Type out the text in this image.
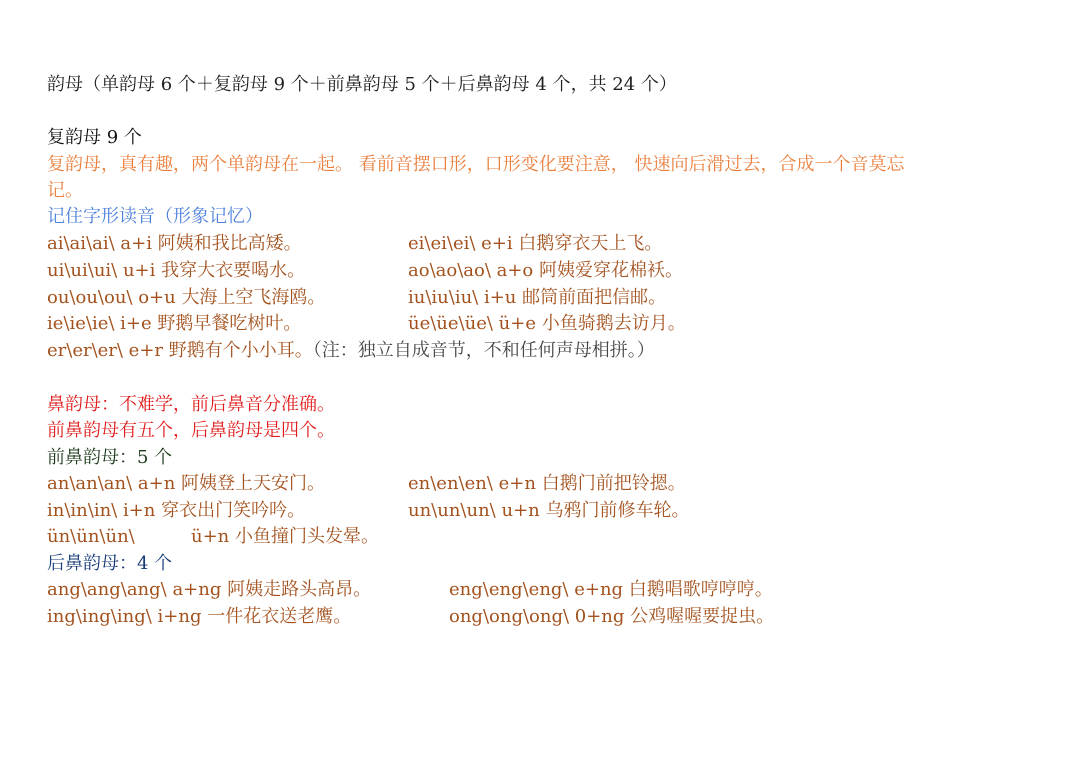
韵母（单韵母 6 个＋复韵母 9 个＋前鼻韵母 5 个＋后鼻韵母 4 个，共 24 个）
复韵母 9 个
复韵母，真有趣，两个单韵母在一起。 看前音摆口形，口形变化要注意， 快速向后滑过去，合成一个音莫忘
记。
记住字形读音（形象记忆）
ai\ai\ai\ a+i 阿姨和我比高矮。	ei\ei\ei\ e+i 白鹅穿衣天上飞。
ui\ui\ui\ u+i 我穿大衣要喝水。	ao\ao\ao\ a+o 阿姨爱穿花棉袄。
ou\ou\ou\ o+u 大海上空飞海鸥。	iu\iu\iu\ i+u 邮筒前面把信邮。
ie\ie\ie\ i+e 野鹅早餐吃树叶。	üe\üe\üe\ ü+e 小鱼骑鹅去访月。
er\er\er\ e+r 野鹅有个小小耳。（注：独立自成音节，不和任何声母相拼。）
鼻韵母：不难学，前后鼻音分准确。
前鼻韵母有五个，后鼻韵母是四个。
前鼻韵母：5 个
an\an\an\ a+n 阿姨登上天安门。	en\en\en\ e+n 白鹅门前把铃摁。
in\in\in\ i+n 穿衣出门笑吟吟。	un\un\un\ u+n 乌鸦门前修车轮。
ün\ün\ün\	ü+n 小鱼撞门头发晕。
后鼻韵母：4 个
ang\ang\ang\ a+ng 阿姨走路头高昂。	eng\eng\eng\ e+ng 白鹅唱歌哼哼哼。
ing\ing\ing\ i+ng 一件花衣送老鹰。	ong\ong\ong\ 0+ng 公鸡喔喔要捉虫。
